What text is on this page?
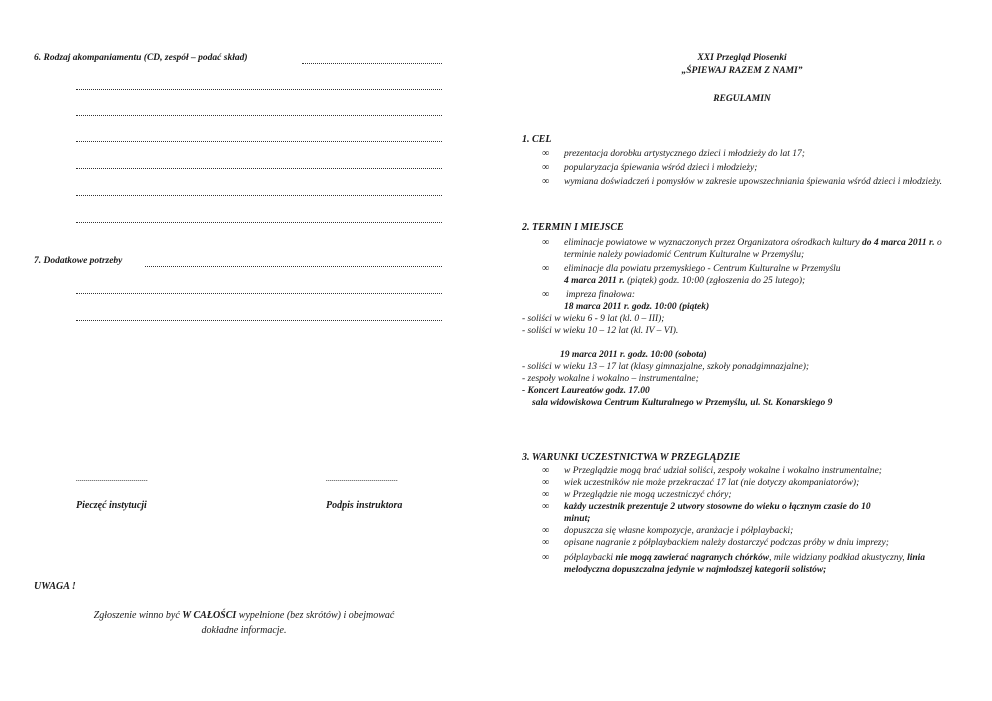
6. Rodzaj akompaniamentu (CD, zespół – podać skład)
7. Dodatkowe potrzeby
....................................	....................................
Pieczęć instytucji	Podpis instruktora
UWAGA !
Zgłoszenie winno być W CAŁOŚCI wypełnione (bez skrótów) i obejmować
dokładne informacje.
XXI Przegląd Piosenki
„ŚPIEWAJ RAZEM Z NAMI”
REGULAMIN
1. CEL
∞	prezentacja dorobku artystycznego dzieci i młodzieży do lat 17;
∞	popularyzacja śpiewania wśród dzieci i młodzieży;
∞	wymiana doświadczeń i pomysłów w zakresie upowszechniania śpiewania wśród dzieci i młodzieży.
2. TERMIN I MIEJSCE
∞	eliminacje powiatowe w wyznaczonych przez Organizatora ośrodkach kultury do 4 marca 2011 r. o terminie należy powiadomić Centrum Kulturalne w Przemyślu;
∞	eliminacje dla powiatu przemyskiego - Centrum Kulturalne w Przemyślu
4 marca 2011 r. (piątek) godz. 10:00 (zgłoszenia do 25 lutego);
∞	impreza finałowa:
18 marca 2011 r. godz. 10:00 (piątek)
- soliści w wieku 6 - 9 lat (kl. 0 – III);
- soliści w wieku 10 – 12 lat (kl. IV – VI).
19 marca 2011 r. godz. 10:00 (sobota)
- soliści w wieku 13 – 17 lat (klasy gimnazjalne, szkoły ponadgimnazjalne);
- zespoły wokalne i wokalno – instrumentalne;
- Koncert Laureatów godz. 17.00
sala widowiskowa Centrum Kulturalnego w Przemyślu, ul. St. Konarskiego 9
3. WARUNKI UCZESTNICTWA W PRZEGLĄDZIE
∞	w Przeglądzie mogą brać udział soliści, zespoły wokalne i wokalno instrumentalne;
∞	wiek uczestników nie może przekraczać 17 lat (nie dotyczy akompaniatorów);
∞	w Przeglądzie nie mogą uczestniczyć chóry;
∞	każdy uczestnik prezentuje 2 utwory stosowne do wieku o łącznym czasie do 10 minut;
∞	dopuszcza się własne kompozycje, aranżacje i półplaybacki;
∞	opisane nagranie z półplaybackiem należy dostarczyć podczas próby w dniu imprezy;
∞	półplaybacki nie mogą zawierać nagranych chórków, mile widziany podkład akustyczny, linia melodyczna dopuszczalna jedynie w najmłodszej kategorii solistów;
